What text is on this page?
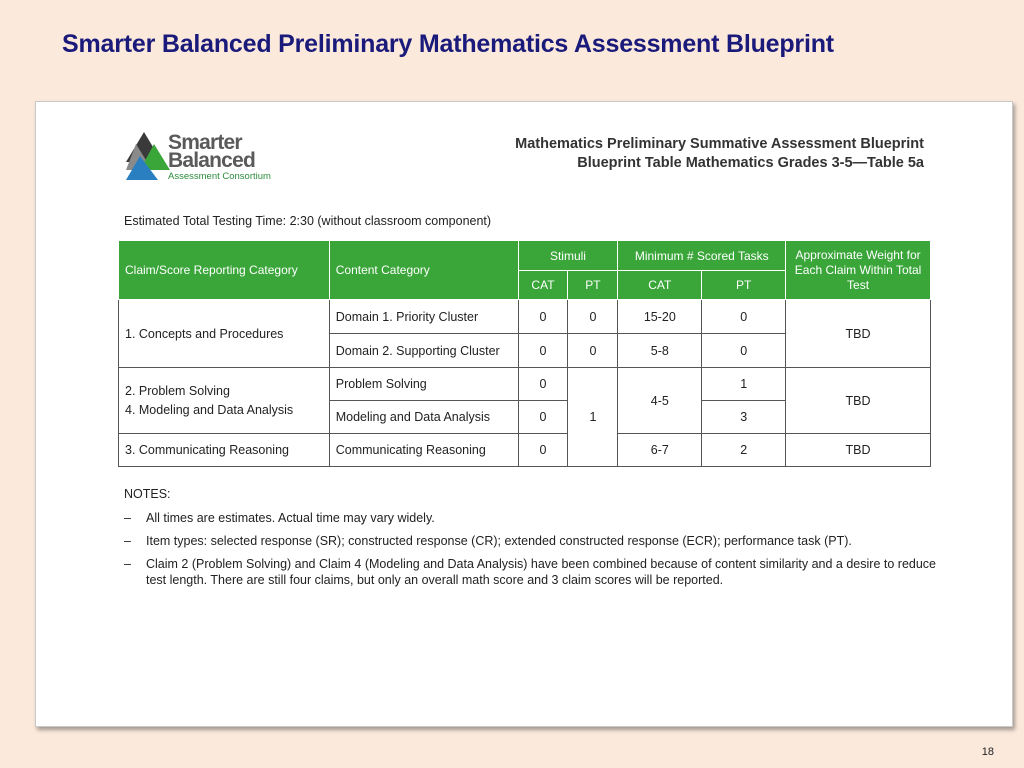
Smarter Balanced Preliminary Mathematics Assessment Blueprint
Smarter
Balanced
Assessment Consortium
Mathematics Preliminary Summative Assessment Blueprint
Blueprint Table Mathematics Grades 3-5—Table 5a
Estimated Total Testing Time: 2:30 (without classroom component)
Claim/Score Reporting Category	Content Category	Stimuli		Minimum # Scored Tasks		Approximate Weight for Each Claim Within Total Test
		CAT	PT	CAT	PT	
1. Concepts and Procedures	Domain 1. Priority Cluster	0	0	15-20	0	TBD
	Domain 2. Supporting Cluster	0	0	5-8	0	

2. Problem Solving
4. Modeling and Data Analysis	Problem Solving	0	1	4-5	1	TBD
	Modeling and Data Analysis	0			3	
3. Communicating Reasoning	Communicating Reasoning	0		6-7	2	TBD
NOTES:
– All times are estimates. Actual time may vary widely.
– Item types: selected response (SR); constructed response (CR); extended constructed response (ECR); performance task (PT).
– Claim 2 (Problem Solving) and Claim 4 (Modeling and Data Analysis) have been combined because of content similarity and a desire to reduce test length. There are still four claims, but only an overall math score and 3 claim scores will be reported.
18
